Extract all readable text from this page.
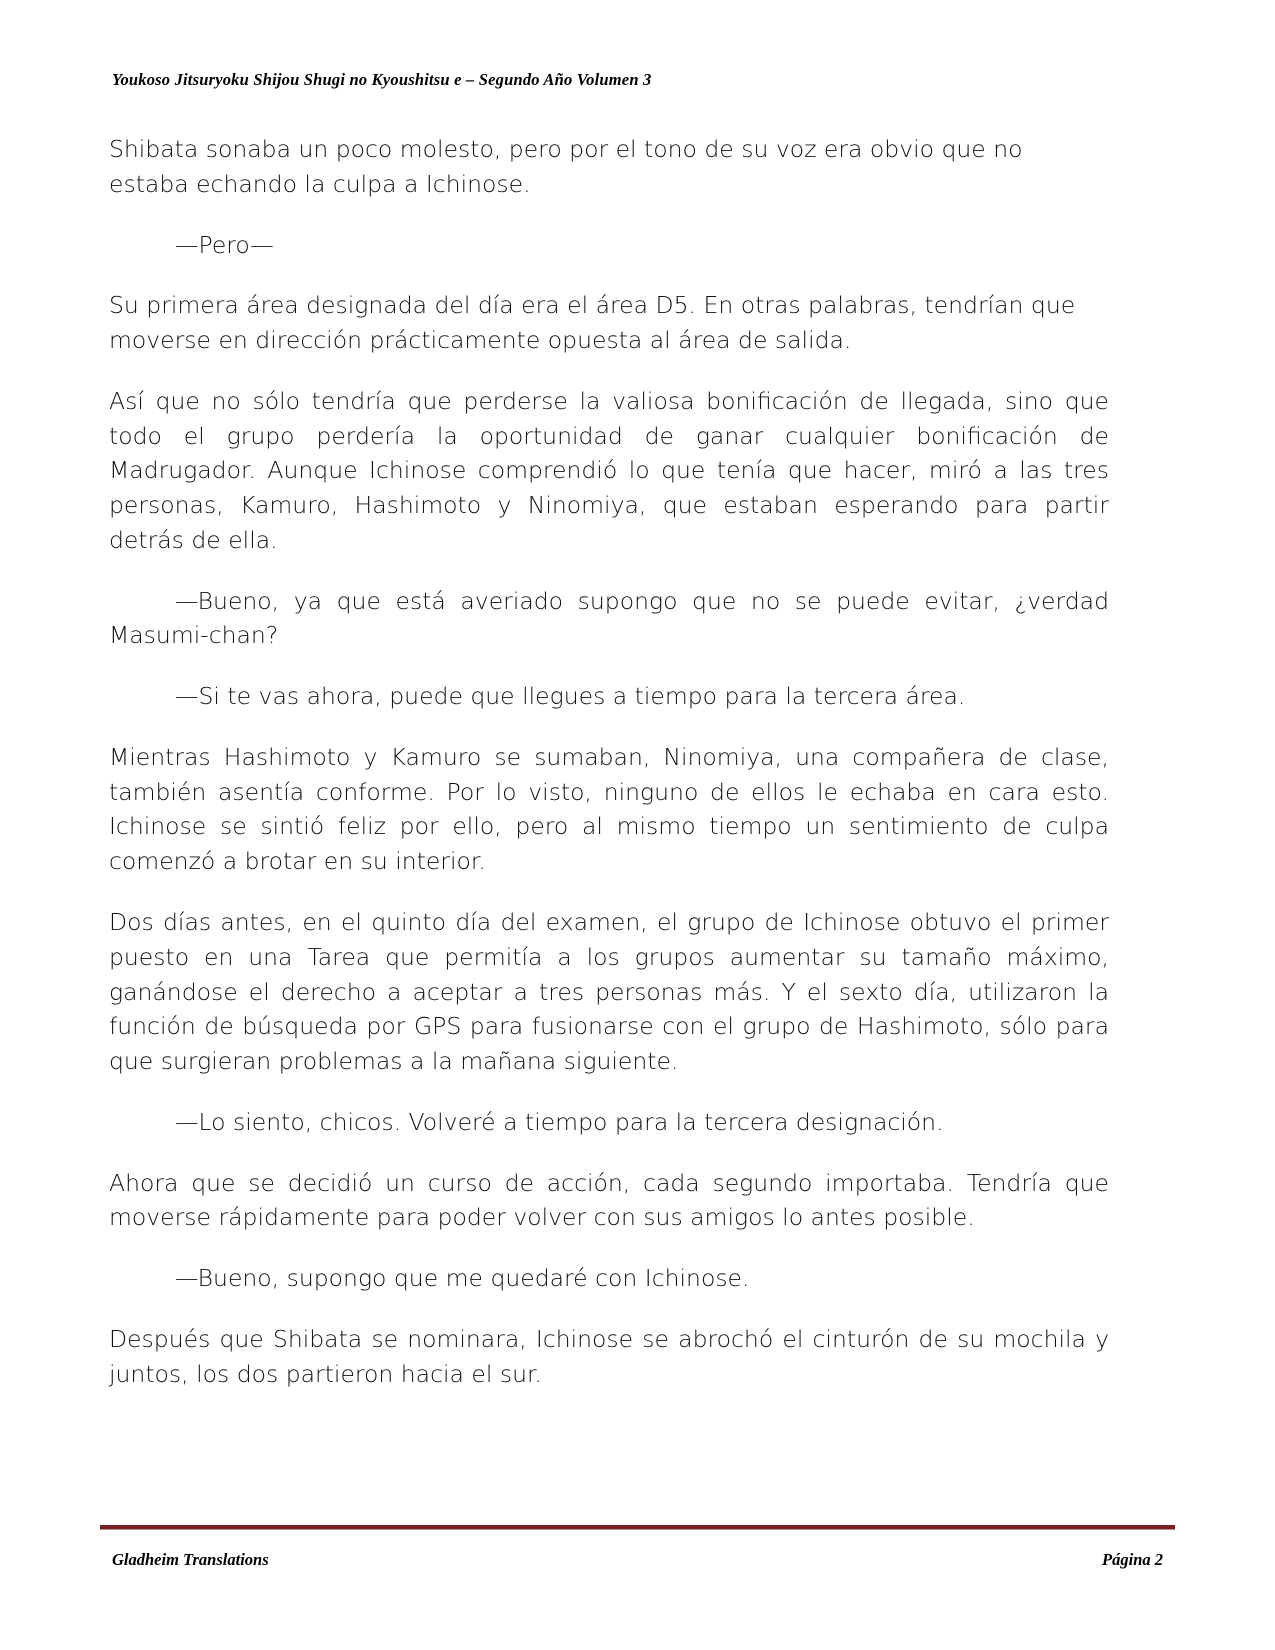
Youkoso Jitsuryoku Shijou Shugi no Kyoushitsu e – Segundo Año Volumen 3

Shibata sonaba un poco molesto, pero por el tono de su voz era obvio que no estaba echando la culpa a Ichinose.

—Pero—

Su primera área designada del día era el área D5. En otras palabras, tendrían que moverse en dirección prácticamente opuesta al área de salida.

Así que no sólo tendría que perderse la valiosa bonificación de llegada, sino que todo el grupo perdería la oportunidad de ganar cualquier bonificación de Madrugador. Aunque Ichinose comprendió lo que tenía que hacer, miró a las tres personas, Kamuro, Hashimoto y Ninomiya, que estaban esperando para partir detrás de ella.

—Bueno, ya que está averiado supongo que no se puede evitar, ¿verdad Masumi-chan?

—Si te vas ahora, puede que llegues a tiempo para la tercera área.

Mientras Hashimoto y Kamuro se sumaban, Ninomiya, una compañera de clase, también asentía conforme. Por lo visto, ninguno de ellos le echaba en cara esto. Ichinose se sintió feliz por ello, pero al mismo tiempo un sentimiento de culpa comenzó a brotar en su interior.

Dos días antes, en el quinto día del examen, el grupo de Ichinose obtuvo el primer puesto en una Tarea que permitía a los grupos aumentar su tamaño máximo, ganándose el derecho a aceptar a tres personas más. Y el sexto día, utilizaron la función de búsqueda por GPS para fusionarse con el grupo de Hashimoto, sólo para que surgieran problemas a la mañana siguiente.

—Lo siento, chicos. Volveré a tiempo para la tercera designación.

Ahora que se decidió un curso de acción, cada segundo importaba. Tendría que moverse rápidamente para poder volver con sus amigos lo antes posible.

—Bueno, supongo que me quedaré con Ichinose.

Después que Shibata se nominara, Ichinose se abrochó el cinturón de su mochila y juntos, los dos partieron hacia el sur.

Gladheim Translations	Página 2
